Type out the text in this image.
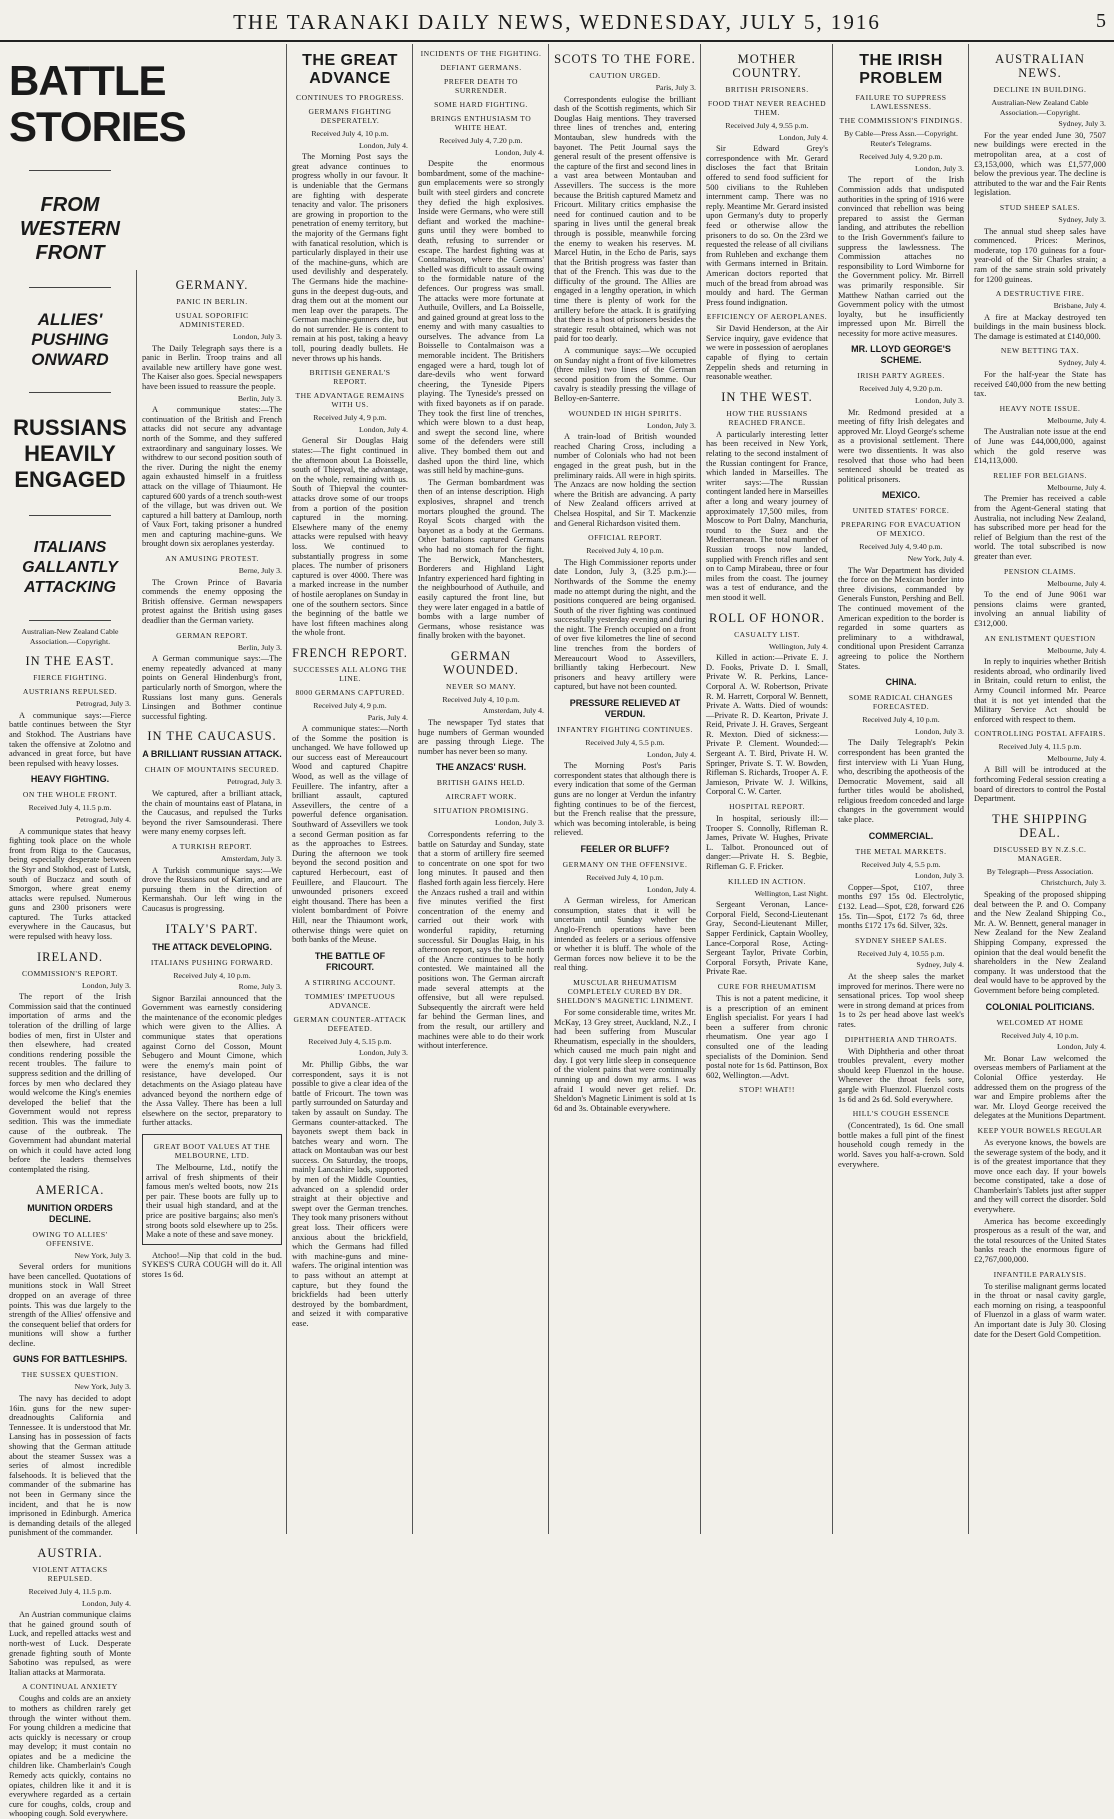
THE TARANAKI DAILY NEWS, WEDNESDAY, JULY 5, 1916	5
BATTLE STORIES
FROM WESTERN FRONT
ALLIES' PUSHING ONWARD
RUSSIANS HEAVILY ENGAGED
ITALIANS GALLANTLY ATTACKING
Australian-New Zealand Cable Association.—Copyright.
IN THE EAST.
FIERCE FIGHTING.
AUSTRIANS REPULSED.
Petrograd, July 3.

A communique says:—Fierce battle continues between the Styr and Stokhod. The Austrians have taken the offensive at Zolotno and advanced in great force, but have been repulsed with heavy losses.

HEAVY FIGHTING.
ON THE WHOLE FRONT.
Received July 4, 11.5 p.m.
Petrograd, July 4.

A communique states that heavy fighting took place on the whole front from Riga to the Caucasus, being especially desperate between the Styr and Stokhod, east of Lutsk, south of Buczacz and south of Smorgon, where great enemy attacks were repulsed. Numerous guns and 2300 prisoners were captured. The Turks attacked everywhere in the Caucasus, but were repulsed with heavy loss.

IRELAND.
COMMISSION'S REPORT.
London, July 3.

The report of the Irish Commission said that the continued importation of arms and the toleration of the drilling of large bodies of men, first in Ulster and then elsewhere, had created conditions rendering possible the recent troubles. The failure to suppress sedition and the drilling of forces by men who declared they would welcome the King's enemies developed the belief that the Government would not repress sedition. This was the immediate cause of the outbreak. The Government had abundant material on which it could have acted long before the leaders themselves contemplated the rising.

AMERICA.
MUNITION ORDERS DECLINE.
OWING TO ALLIES' OFFENSIVE.
New York, July 3.

Several orders for munitions have been cancelled. Quotations of munitions stock in Wall Street dropped on an average of three points. This was due largely to the strength of the Allies' offensive and the consequent belief that orders for munitions will show a further decline.

GUNS FOR BATTLESHIPS.
THE SUSSEX QUESTION.
New York, July 3.

The navy has decided to adopt 16in. guns for the new super-dreadnoughts California and Tennessee. It is understood that Mr. Lansing has in possession of facts showing that the German attitude about the steamer Sussex was a series of almost incredible falsehoods. It is believed that the commander of the submarine has not been in Germany since the incident, and that he is now imprisoned in Edinburgh. America is demanding details of the alleged punishment of the commander.

AUSTRIA.
VIOLENT ATTACKS REPULSED.
Received July 4, 11.5 p.m.
London, July 4.

An Austrian communique claims that he gained ground south of Luck, and repelled attacks west and north-west of Luck. Desperate grenade fighting south of Monte Sabotino was repulsed, as were Italian attacks at Marmorata.

A CONTINUAL ANXIETY

Coughs and colds are an anxiety to mothers as children rarely get through the winter without them. For young children a medicine that acts quickly is necessary or croup may develop; it must contain no opiates and be a medicine the children like. Chamberlain's Cough Remedy acts quickly, contains no opiates, children like it and it is everywhere regarded as a certain cure for coughs, colds, croup and whooping cough. Sold everywhere.

GERMANY.
PANIC IN BERLIN.
USUAL SOPORIFIC ADMINISTERED.
London, July 3.

The Daily Telegraph says there is a panic in Berlin. Troop trains and all available new artillery have gone west. The Kaiser also goes. Special newspapers have been issued to reassure the people.

Berlin, July 3.

A communique states:—The continuation of the British and French attacks did not secure any advantage north of the Somme, and they suffered extraordinary and sanguinary losses. We withdrew to our second position south of the river. During the night the enemy again exhausted himself in a fruitless attack on the village of Thiaumont. He captured 600 yards of a trench south-west of the village, but was driven out. We captured a hill battery at Damloup, north of Vaux Fort, taking prisoner a hundred men and capturing machine-guns. We brought down six aeroplanes yesterday.

AN AMUSING PROTEST.
Berne, July 3.

The Crown Prince of Bavaria commends the enemy opposing the British offensive. German newspapers protest against the British using gases deadlier than the German variety.

GERMAN REPORT.
Berlin, July 3.

A German communique says:—The enemy repeatedly advanced at many points on General Hindenburg's front, particularly north of Smorgon, where the Russians lost many guns. Generals Linsingen and Bothmer continue successful fighting.

IN THE CAUCASUS.
A BRILLIANT RUSSIAN ATTACK.
CHAIN OF MOUNTAINS SECURED.
Petrograd, July 3.

We captured, after a brilliant attack, the chain of mountains east of Platana, in the Caucasus, and repulsed the Turks beyond the river Samsounderasi. There were many enemy corpses left.

A TURKISH REPORT.
Amsterdam, July 3.

A Turkish communique says:—We drove the Russians out of Karim, and are pursuing them in the direction of Kermanshah. Our left wing in the Caucasus is progressing.

ITALY'S PART.
THE ATTACK DEVELOPING.
ITALIANS PUSHING FORWARD.
Received July 4, 10 p.m.
Rome, July 3.

Signor Barzilai announced that the Government was earnestly considering the maintenance of the economic pledges which were given to the Allies. A communique states that operations against Corno del Cosson, Mount Sebugero and Mount Cimone, which were the enemy's main point of resistance, have developed. Our detachments on the Asiago plateau have advanced beyond the northern edge of the Assa Valley. There has been a lull elsewhere on the sector, preparatory to further attacks.

GREAT BOOT VALUES AT THE MELBOURNE, LTD.

The Melbourne, Ltd., notify the arrival of fresh shipments of their famous men's welted boots, now 21s per pair. These boots are fully up to their usual high standard, and at the price are positive bargains; also men's strong boots sold elsewhere up to 25s. Make a note of these and save money.

Atchoo!—Nip that cold in the bud. SYKES'S CURA COUGH will do it. All stores 1s 6d.

THE GREAT ADVANCE
CONTINUES TO PROGRESS.
GERMANS FIGHTING DESPERATELY.
Received July 4, 10 p.m.
London, July 4.

The Morning Post says the great advance continues to progress wholly in our favour. It is undeniable that the Germans are fighting with desperate tenacity and valor. The prisoners are growing in proportion to the penetration of enemy territory, but the majority of the Germans fight with fanatical resolution, which is particularly displayed in their use of the machine-guns, which are used devilishly and desperately. The Germans hide the machine-guns in the deepest dug-outs, and drag them out at the moment our men leap over the parapets. The German machine-gunners die, but do not surrender. He is content to remain at his post, taking a heavy toll, pouring deadly bullets. He never throws up his hands.

BRITISH GENERAL'S REPORT.
THE ADVANTAGE REMAINS WITH US.
Received July 4, 9 p.m.
London, July 4.

General Sir Douglas Haig states:—The fight continued in the afternoon about La Boisselle, south of Thiepval, the advantage, on the whole, remaining with us. South of Thiepval the counter-attacks drove some of our troops from a portion of the position captured in the morning. Elsewhere many of the enemy attacks were repulsed with heavy loss. We continued to substantially progress in some places. The number of prisoners captured is over 4000. There was a marked increase in the number of hostile aeroplanes on Sunday in one of the southern sectors. Since the beginning of the battle we have lost fifteen machines along the whole front.

FRENCH REPORT.
SUCCESSES ALL ALONG THE LINE.
8000 GERMANS CAPTURED.
Received July 4, 9 p.m.
Paris, July 4.

A communique states:—North of the Somme the position is unchanged. We have followed up our success east of Mereaucourt Wood and captured Chapitre Wood, as well as the village of Feuillere. The infantry, after a brilliant assault, captured Assevillers, the centre of a powerful defence organisation. Southward of Assevillers we took a second German position as far as the approaches to Estrees. During the afternoon we took beyond the second position and captured Herbecourt, east of Feuillere, and Flaucourt. The unwounded prisoners exceed eight thousand. There has been a violent bombardment of Poivre Hill, near the Thiaumont work, otherwise things were quiet on both banks of the Meuse.

THE BATTLE OF FRICOURT.
A STIRRING ACCOUNT.
TOMMIES' IMPETUOUS ADVANCE.
GERMAN COUNTER-ATTACK DEFEATED.
Received July 4, 5.15 p.m.
London, July 3.

Mr. Phillip Gibbs, the war correspondent, says it is not possible to give a clear idea of the battle of Fricourt. The town was partly surrounded on Saturday and taken by assault on Sunday. The Germans counter-attacked. The bayonets swept them back in batches weary and worn. The attack on Montauban was our best success. On Saturday, the troops, mainly Lancashire lads, supported by men of the Middle Counties, advanced on a splendid order straight at their objective and swept over the German trenches. They took many prisoners without great loss. Their officers were anxious about the brickfield, which the Germans had filled with machine-guns and mine-wafers. The original intention was to pass without an attempt at capture, but they found the brickfields had been utterly destroyed by the bombardment, and seized it with comparative ease.

INCIDENTS OF THE FIGHTING.
DEFIANT GERMANS.
PREFER DEATH TO SURRENDER.
SOME HARD FIGHTING.
BRINGS ENTHUSIASM TO WHITE HEAT.
Received July 4, 7.20 p.m.
London, July 4.

Despite the enormous bombardment, some of the machine-gun emplacements were so strongly built with steel girders and concrete they defied the high explosives. Inside were Germans, who were still defiant and worked the machine-guns until they were bombed to death, refusing to surrender or escape. The hardest fighting was at Contalmaison, where the Germans' shelled was difficult to assault owing to the formidable nature of the defences. Our progress was small. The attacks were more fortunate at Authuile, Ovillers, and La Boisselle, and gained ground at great loss to the enemy and with many casualties to ourselves. The advance from La Boisselle to Contalmaison was a memorable incident. The Britishers engaged were a hard, tough lot of dare-devils who went forward cheering, the Tyneside Pipers playing. The Tyneside's pressed on with fixed bayonets as if on parade. They took the first line of trenches, which were blown to a dust heap, and swept the second line, where some of the defenders were still alive. They bombed them out and dashed upon the third line, which was still held by machine-guns.

The German bombardment was then of an intense description. High explosives, shrapnel and trench mortars ploughed the ground. The Royal Scots charged with the bayonet as a body at the Germans. Other battalions captured Germans who had no stomach for the fight. The Berwick, Manchesters, Borderers and Highland Light Infantry experienced hard fighting in the neighbourhood of Authuile, and easily captured the front line, but they were later engaged in a battle of bombs with a large number of Germans, whose resistance was finally broken with the bayonet.

GERMAN WOUNDED.
NEVER SO MANY.
Received July 4, 10 p.m.
Amsterdam, July 4.

The newspaper Tyd states that huge numbers of German wounded are passing through Liege. The number has never been so many.

THE ANZACS' RUSH.
BRITISH GAINS HELD.
AIRCRAFT WORK.
SITUATION PROMISING.
London, July 3.

Correspondents referring to the battle on Saturday and Sunday, state that a storm of artillery fire seemed to concentrate on one spot for two long minutes. It paused and then flashed forth again less fiercely. Here the Anzacs rushed a trail and within five minutes verified the first concentration of the enemy and carried out their work with wonderful rapidity, returning successful. Sir Douglas Haig, in his afternoon report, says the battle north of the Ancre continues to be hotly contested. We maintained all the positions won. The German aircraft made several attempts at the offensive, but all were repulsed. Subsequently the aircraft were held far behind the German lines, and from the result, our artillery and machines were able to do their work without interference.

SCOTS TO THE FORE.
CAUTION URGED.
Paris, July 3.

Correspondents eulogise the brilliant dash of the Scottish regiments, which Sir Douglas Haig mentions. They traversed three lines of trenches and, entering Montauban, slew hundreds with the bayonet. The Petit Journal says the general result of the present offensive is the capture of the first and second lines in a vast area between Montauban and Assevillers. The success is the more because the British captured Mametz and Fricourt. Military critics emphasise the need for continued caution and to be sparing in lives until the general break through is possible, meanwhile forcing the enemy to weaken his reserves. M. Marcel Hutin, in the Echo de Paris, says that the British progress was faster than that of the French. This was due to the difficulty of the ground. The Allies are engaged in a lengthy operation, in which time there is plenty of work for the artillery before the attack. It is gratifying that there is a host of prisoners besides the strategic result obtained, which was not paid for too dearly.

A communique says:—We occupied on Sunday night a front of five kilometres (three miles) two lines of the German second position from the Somme. Our cavalry is steadily pressing the village of Belloy-en-Santerre.

WOUNDED IN HIGH SPIRITS.
London, July 3.

A train-load of British wounded reached Charing Cross, including a number of Colonials who had not been engaged in the great push, but in the preliminary raids. All were in high spirits. The Anzacs are now holding the section where the British are advancing. A party of New Zealand officers arrived at Chelsea Hospital, and Sir T. Mackenzie and General Richardson visited them.

OFFICIAL REPORT.
Received July 4, 10 p.m.

The High Commissioner reports under date London, July 3, (3.25 p.m.):—Northwards of the Somme the enemy made no attempt during the night, and the positions conquered are being organised. South of the river fighting was continued successfully yesterday evening and during the night. The French occupied on a front of over five kilometres the line of second line trenches from the borders of Mereaucourt Wood to Assevillers, brilliantly taking Herbecourt. New prisoners and heavy artillery were captured, but have not been counted.

PRESSURE RELIEVED AT VERDUN.
INFANTRY FIGHTING CONTINUES.
Received July 4, 5.5 p.m.
London, July 4.

The Morning Post's Paris correspondent states that although there is every indication that some of the German guns are no longer at Verdun the infantry fighting continues to be of the fiercest, but the French realise that the pressure, which was becoming intolerable, is being relieved.

FEELER OR BLUFF?
GERMANY ON THE OFFENSIVE.
Received July 4, 10 p.m.
London, July 4.

A German wireless, for American consumption, states that it will be uncertain until Sunday whether the Anglo-French operations have been intended as feelers or a serious offensive or whether it is bluff. The whole of the German forces now believe it to be the real thing.

MUSCULAR RHEUMATISM COMPLETELY CURED BY DR. SHELDON'S MAGNETIC LINIMENT.

For some considerable time, writes Mr. McKay, 13 Grey street, Auckland, N.Z., I had been suffering from Muscular Rheumatism, especially in the shoulders, which caused me much pain night and day. I got very little sleep in consequence of the violent pains that were continually running up and down my arms. I was afraid I would never get relief. Dr. Sheldon's Magnetic Liniment is sold at 1s 6d and 3s. Obtainable everywhere.

MOTHER COUNTRY.
BRITISH PRISONERS.
FOOD THAT NEVER REACHED THEM.
Received July 4, 9.55 p.m.
London, July 4.

Sir Edward Grey's correspondence with Mr. Gerard discloses the fact that Britain offered to send food sufficient for 500 civilians to the Ruhleben internment camp. There was no reply. Meantime Mr. Gerard insisted upon Germany's duty to properly feed or otherwise allow the prisoners to do so. On the 23rd we requested the release of all civilians from Ruhleben and exchange them with Germans interned in Britain. American doctors reported that much of the bread from abroad was mouldy and hard. The German Press found indignation.

EFFICIENCY OF AEROPLANES.

Sir David Henderson, at the Air Service inquiry, gave evidence that we were in possession of aeroplanes capable of flying to certain Zeppelin sheds and returning in reasonable weather.

IN THE WEST.
HOW THE RUSSIANS REACHED FRANCE.

A particularly interesting letter has been received in New York, relating to the second instalment of the Russian contingent for France, which landed in Marseilles. The writer says:—The Russian contingent landed here in Marseilles after a long and weary journey of approximately 17,500 miles, from Moscow to Port Dalny, Manchuria, round to the Suez and the Mediterranean. The total number of Russian troops now landed, supplied with French rifles and sent on to Camp Mirabeau, three or four miles from the coast. The journey was a test of endurance, and the men stood it well.

ROLL OF HONOR.
CASUALTY LIST.
Wellington, July 4.

Killed in action:—Private E. J. D. Fooks, Private D. I. Small, Private W. R. Perkins, Lance-Corporal A. W. Robertson, Private R. M. Harrett, Corporal W. Bennett, Private A. Watts. Died of wounds:—Private R. D. Kearton, Private J. Reid, Private J. H. Graves, Sergeant R. Mexton. Died of sickness:—Private P. Clement. Wounded:—Sergeant A. T. Bird, Private H. W. Springer, Private S. T. W. Bowden, Rifleman S. Richards, Trooper A. F. Jamieson, Private W. J. Wilkins, Corporal C. W. Carter.

HOSPITAL REPORT.

In hospital, seriously ill:—Trooper S. Connolly, Rifleman R. James, Private W. Hughes, Private L. Talbot. Pronounced out of danger:—Private H. S. Begbie, Rifleman G. F. Fricker.

KILLED IN ACTION.
Wellington, Last Night.

Sergeant Veronan, Lance-Corporal Field, Second-Lieutenant Gray, Second-Lieutenant Miller, Sapper Ferdinick, Captain Woolley, Lance-Corporal Rose, Acting-Sergeant Taylor, Private Corbin, Corporal Forsyth, Private Kane, Private Rae.

CURE FOR RHEUMATISM

This is not a patent medicine, it is a prescription of an eminent English specialist. For years I had been a sufferer from chronic rheumatism. One year ago I consulted one of the leading specialists of the Dominion. Send postal note for 1s 6d. Pattinson, Box 602, Wellington.—Advt.

STOP! WHAT!!
THE IRISH PROBLEM
FAILURE TO SUPPRESS LAWLESSNESS.
THE COMMISSION'S FINDINGS.
By Cable—Press Assn.—Copyright. Reuter's Telegrams.
Received July 4, 9.20 p.m.
London, July 3.

The report of the Irish Commission adds that undisputed authorities in the spring of 1916 were convinced that rebellion was being prepared to assist the German landing, and attributes the rebellion to the Irish Government's failure to suppress the lawlessness. The Commission attaches no responsibility to Lord Wimborne for the Government policy. Mr. Birrell was primarily responsible. Sir Matthew Nathan carried out the Government policy with the utmost loyalty, but he insufficiently impressed upon Mr. Birrell the necessity for more active measures.

MR. LLOYD GEORGE'S SCHEME.
IRISH PARTY AGREES.
Received July 4, 9.20 p.m.
London, July 3.

Mr. Redmond presided at a meeting of fifty Irish delegates and approved Mr. Lloyd George's scheme as a provisional settlement. There were two dissentients. It was also resolved that those who had been sentenced should be treated as political prisoners.

MEXICO.
UNITED STATES' FORCE.
PREPARING FOR EVACUATION OF MEXICO.
Received July 4, 9.40 p.m.
New York, July 4.

The War Department has divided the force on the Mexican border into three divisions, commanded by Generals Funston, Pershing and Bell. The continued movement of the American expedition to the border is regarded in some quarters as preliminary to a withdrawal, conditional upon President Carranza agreeing to police the Northern States.

CHINA.
SOME RADICAL CHANGES FORECASTED.
Received July 4, 10 p.m.
London, July 3.

The Daily Telegraph's Pekin correspondent has been granted the first interview with Li Yuan Hung, who, describing the apotheosis of the Democratic Movement, said all further titles would be abolished, religious freedom conceded and large changes in the government would take place.

COMMERCIAL.
THE METAL MARKETS.
Received July 4, 5.5 p.m.
London, July 3.

Copper—Spot, £107, three months £97 15s 0d. Electrolytic, £132. Lead—Spot, £28, forward £26 15s. Tin—Spot, £172 7s 6d, three months £172 17s 6d. Silver, 32s.

SYDNEY SHEEP SALES.
Received July 4, 10.55 p.m.
Sydney, July 4.

At the sheep sales the market improved for merinos. There were no sensational prices. Top wool sheep were in strong demand at prices from 1s to 2s per head above last week's rates.

DIPHTHERIA AND THROATS.

With Diphtheria and other throat troubles prevalent, every mother should keep Fluenzol in the house. Whenever the throat feels sore, gargle with Fluenzol. Fluenzol costs 1s 6d and 2s 6d. Sold everywhere.

HILL'S COUGH ESSENCE

(Concentrated), 1s 6d. One small bottle makes a full pint of the finest household cough remedy in the world. Saves you half-a-crown. Sold everywhere.

AUSTRALIAN NEWS.
DECLINE IN BUILDING.
Australian-New Zealand Cable Association.—Copyright.
Sydney, July 3.

For the year ended June 30, 7507 new buildings were erected in the metropolitan area, at a cost of £3,153,000, which was £1,577,000 below the previous year. The decline is attributed to the war and the Fair Rents legislation.

STUD SHEEP SALES.
Sydney, July 3.

The annual stud sheep sales have commenced. Prices: Merinos, moderate, top 170 guineas for a four-year-old of the Sir Charles strain; a ram of the same strain sold privately for 1200 guineas.

A DESTRUCTIVE FIRE.
Brisbane, July 4.

A fire at Mackay destroyed ten buildings in the main business block. The damage is estimated at £140,000.

NEW BETTING TAX.
Sydney, July 4.

For the half-year the State has received £40,000 from the new betting tax.

HEAVY NOTE ISSUE.
Melbourne, July 4.

The Australian note issue at the end of June was £44,000,000, against which the gold reserve was £14,113,000.

RELIEF FOR BELGIANS.
Melbourne, July 4.

The Premier has received a cable from the Agent-General stating that Australia, not including New Zealand, has subscribed more per head for the relief of Belgium than the rest of the world. The total subscribed is now greater than ever.

PENSION CLAIMS.
Melbourne, July 4.

To the end of June 9061 war pensions claims were granted, involving an annual liability of £312,000.

AN ENLISTMENT QUESTION
Melbourne, July 4.

In reply to inquiries whether British residents abroad, who ordinarily lived in Britain, could return to enlist, the Army Council informed Mr. Pearce that it is not yet intended that the Military Service Act should be enforced with respect to them.

CONTROLLING POSTAL AFFAIRS.
Received July 4, 11.5 p.m.
Melbourne, July 4.

A Bill will be introduced at the forthcoming Federal session creating a board of directors to control the Postal Department.

THE SHIPPING DEAL.
DISCUSSED BY N.Z.S.C. MANAGER.
By Telegraph—Press Association.
Christchurch, July 3.

Speaking of the proposed shipping deal between the P. and O. Company and the New Zealand Shipping Co., Mr. A. W. Bennett, general manager in New Zealand for the New Zealand Shipping Company, expressed the opinion that the deal would benefit the shareholders in the New Zealand company. It was understood that the deal would have to be approved by the Government before being completed.

COLONIAL POLITICIANS.
WELCOMED AT HOME
Received July 4, 10 p.m.
London, July 4.

Mr. Bonar Law welcomed the overseas members of Parliament at the Colonial Office yesterday. He addressed them on the progress of the war and Empire problems after the war. Mr. Lloyd George received the delegates at the Munitions Department.

KEEP YOUR BOWELS REGULAR

As everyone knows, the bowels are the sewerage system of the body, and it is of the greatest importance that they move once each day. If your bowels become constipated, take a dose of Chamberlain's Tablets just after supper and they will correct the disorder. Sold everywhere.

America has become exceedingly prosperous as a result of the war, and the total resources of the United States banks reach the enormous figure of £2,767,000,000.

INFANTILE PARALYSIS.

To sterilise malignant germs located in the throat or nasal cavity gargle, each morning on rising, a teaspoonful of Fluenzol in a glass of warm water. An important date is July 30. Closing date for the Desert Gold Competition.
